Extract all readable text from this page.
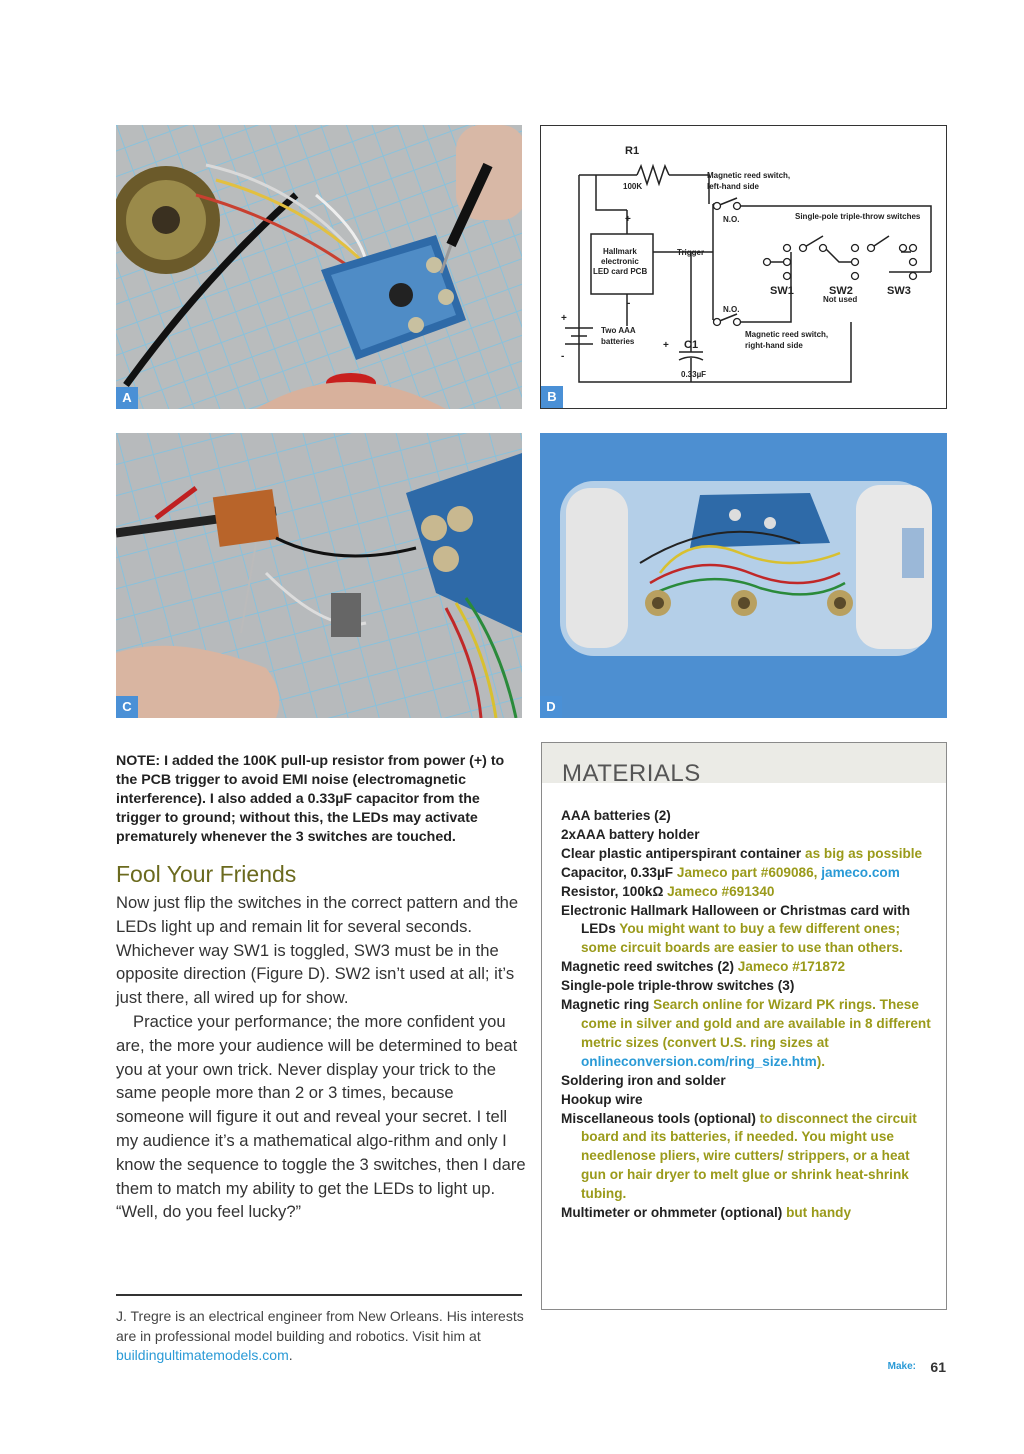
A
R1
100K
Magnetic reed switch,
left-hand side
N.O.	Single-pole triple-throw switches
+
Hallmark
electronic
LED card PCB
Trigger
-
SW1	SW2
Not used
SW3
N.O.
+
Two AAA
batteries
-
+ C1
0.33µF
Magnetic reed switch,
right-hand side
B
C	D
NOTE: I added the 100K pull-up resistor from power (+) to the PCB trigger to avoid EMI noise (electromagnetic interference). I also added a 0.33µF capacitor from the trigger to ground; without this, the LEDs may activate prematurely whenever the 3 switches are touched.
Fool Your Friends

Now just flip the switches in the correct pattern and the LEDs light up and remain lit for several seconds. Whichever way SW1 is toggled, SW3 must be in the opposite direction (Figure D). SW2 isn’t used at all; it’s just there, all wired up for show.

Practice your performance; the more confident you are, the more your audience will be determined to beat you at your own trick. Never display your trick to the same people more than 2 or 3 times, because someone will figure it out and reveal your secret. I tell my audience it’s a mathematical algo-rithm and only I know the sequence to toggle the 3 switches, then I dare them to match my ability to get the LEDs to light up. “Well, do you feel lucky?”

J. Tregre is an electrical engineer from New Orleans. His interests are in professional model building and robotics. Visit him at buildingultimatemodels.com.
MATERIALS
AAA batteries (2)
2xAAA battery holder
Clear plastic antiperspirant container as big as possible
Capacitor, 0.33µF Jameco part #609086, jameco.com
Resistor, 100kΩ Jameco #691340
Electronic Hallmark Halloween or Christmas card with LEDs You might want to buy a few different ones; some circuit boards are easier to use than others.
Magnetic reed switches (2) Jameco #171872
Single-pole triple-throw switches (3)
Magnetic ring Search online for Wizard PK rings. These come in silver and gold and are available in 8 different metric sizes (convert U.S. ring sizes at onlineconversion.com/ring_size.htm).
Soldering iron and solder
Hookup wire
Miscellaneous tools (optional) to disconnect the circuit board and its batteries, if needed. You might use needlenose pliers, wire cutters/ strippers, or a heat gun or hair dryer to melt glue or shrink heat-shrink tubing.
Multimeter or ohmmeter (optional) but handy
Make: 61
